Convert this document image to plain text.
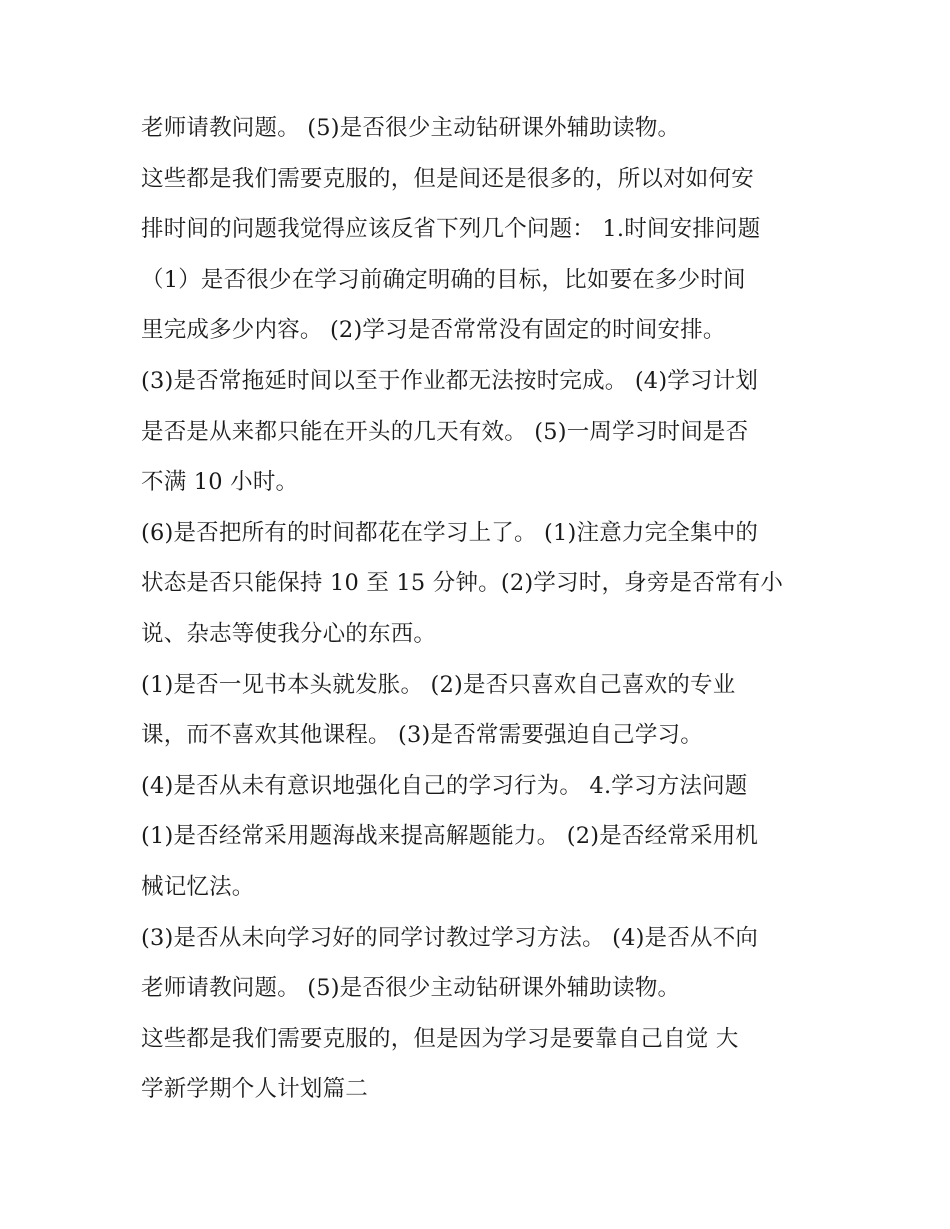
老师请教问题。 (5)是否很少主动钻研课外辅助读物。
这些都是我们需要克服的，但是间还是很多的，所以对如何安
排时间的问题我觉得应该反省下列几个问题： 1.时间安排问题
（1）是否很少在学习前确定明确的目标，比如要在多少时间
里完成多少内容。 (2)学习是否常常没有固定的时间安排。
(3)是否常拖延时间以至于作业都无法按时完成。 (4)学习计划
是否是从来都只能在开头的几天有效。 (5)一周学习时间是否
不满 10 小时。
(6)是否把所有的时间都花在学习上了。 (1)注意力完全集中的
状态是否只能保持 10 至 15 分钟。(2)学习时，身旁是否常有小
说、杂志等使我分心的东西。
(1)是否一见书本头就发胀。 (2)是否只喜欢自己喜欢的专业
课，而不喜欢其他课程。 (3)是否常需要强迫自己学习。
(4)是否从未有意识地强化自己的学习行为。 4.学习方法问题
(1)是否经常采用题海战来提高解题能力。 (2)是否经常采用机
械记忆法。
(3)是否从未向学习好的同学讨教过学习方法。 (4)是否从不向
老师请教问题。 (5)是否很少主动钻研课外辅助读物。
这些都是我们需要克服的，但是因为学习是要靠自己自觉 大
学新学期个人计划篇二
